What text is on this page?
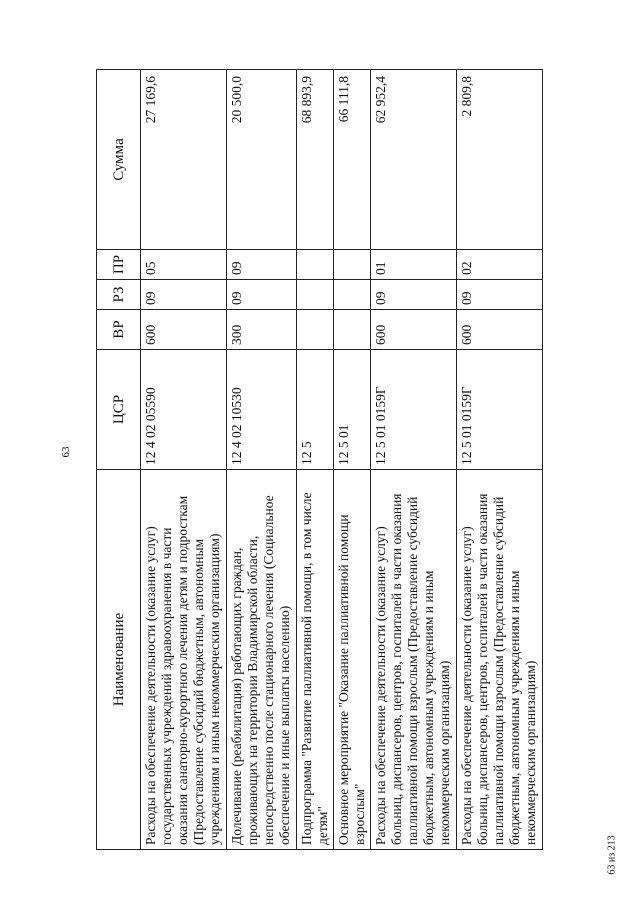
63
Наименование	ЦСР	ВР	РЗ	ПР	Сумма
Расходы на обеспечение деятельности (оказание услуг) государственных учреждений здравоохранения в части оказания санаторно-курортного лечения детям и подросткам (Предоставление субсидий бюджетным, автономным учреждениям и иным некоммерческим организациям)	12 4 02 05590	600	09	05	27 169,6
Долечивание (реабилитация) работающих граждан, проживающих на территории Владимирской области, непосредственно после стационарного лечения (Социальное обеспечение и иные выплаты населению)	12 4 02 10530	300	09	09	20 500,0
Подпрограмма "Развитие паллиативной помощи, в том числе детям"	12 5				68 893,9
Основное мероприятие "Оказание паллиативной помощи взрослым"	12 5 01				66 111,8
Расходы на обеспечение деятельности (оказание услуг) больниц, диспансеров, центров, госпиталей в части оказания паллиативной помощи взрослым (Предоставление субсидий бюджетным, автономным учреждениям и иным некоммерческим организациям)	12 5 01 0159Г	600	09	01	62 952,4
Расходы на обеспечение деятельности (оказание услуг) больниц, диспансеров, центров, госпиталей в части оказания паллиативной помощи взрослым (Предоставление субсидий бюджетным, автономным учреждениям и иным некоммерческим организациям)	12 5 01 0159Г	600	09	02	2 809,8
63 из 213
